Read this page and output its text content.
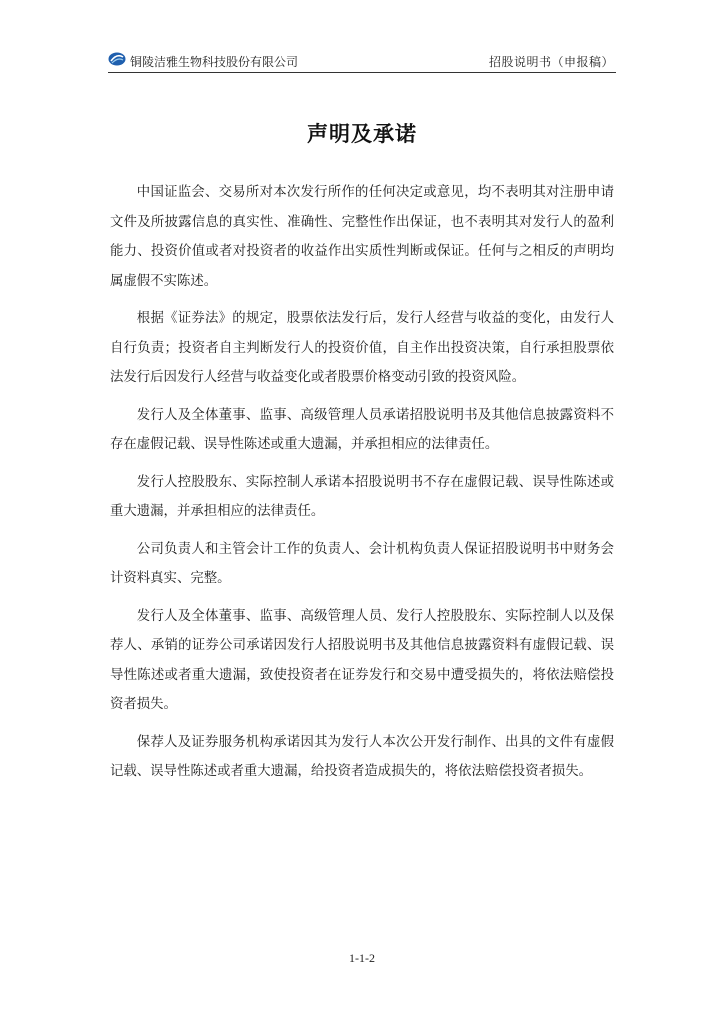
铜陵洁雅生物科技股份有限公司	招股说明书（申报稿）
声明及承诺

中国证监会、交易所对本次发行所作的任何决定或意见，均不表明其对注册申请文件及所披露信息的真实性、准确性、完整性作出保证，也不表明其对发行人的盈利能力、投资价值或者对投资者的收益作出实质性判断或保证。任何与之相反的声明均属虚假不实陈述。

根据《证券法》的规定，股票依法发行后，发行人经营与收益的变化，由发行人自行负责；投资者自主判断发行人的投资价值，自主作出投资决策，自行承担股票依法发行后因发行人经营与收益变化或者股票价格变动引致的投资风险。

发行人及全体董事、监事、高级管理人员承诺招股说明书及其他信息披露资料不存在虚假记载、误导性陈述或重大遗漏，并承担相应的法律责任。

发行人控股股东、实际控制人承诺本招股说明书不存在虚假记载、误导性陈述或重大遗漏，并承担相应的法律责任。

公司负责人和主管会计工作的负责人、会计机构负责人保证招股说明书中财务会计资料真实、完整。

发行人及全体董事、监事、高级管理人员、发行人控股股东、实际控制人以及保荐人、承销的证券公司承诺因发行人招股说明书及其他信息披露资料有虚假记载、误导性陈述或者重大遗漏，致使投资者在证券发行和交易中遭受损失的，将依法赔偿投资者损失。

保荐人及证券服务机构承诺因其为发行人本次公开发行制作、出具的文件有虚假记载、误导性陈述或者重大遗漏，给投资者造成损失的，将依法赔偿投资者损失。

1-1-2
